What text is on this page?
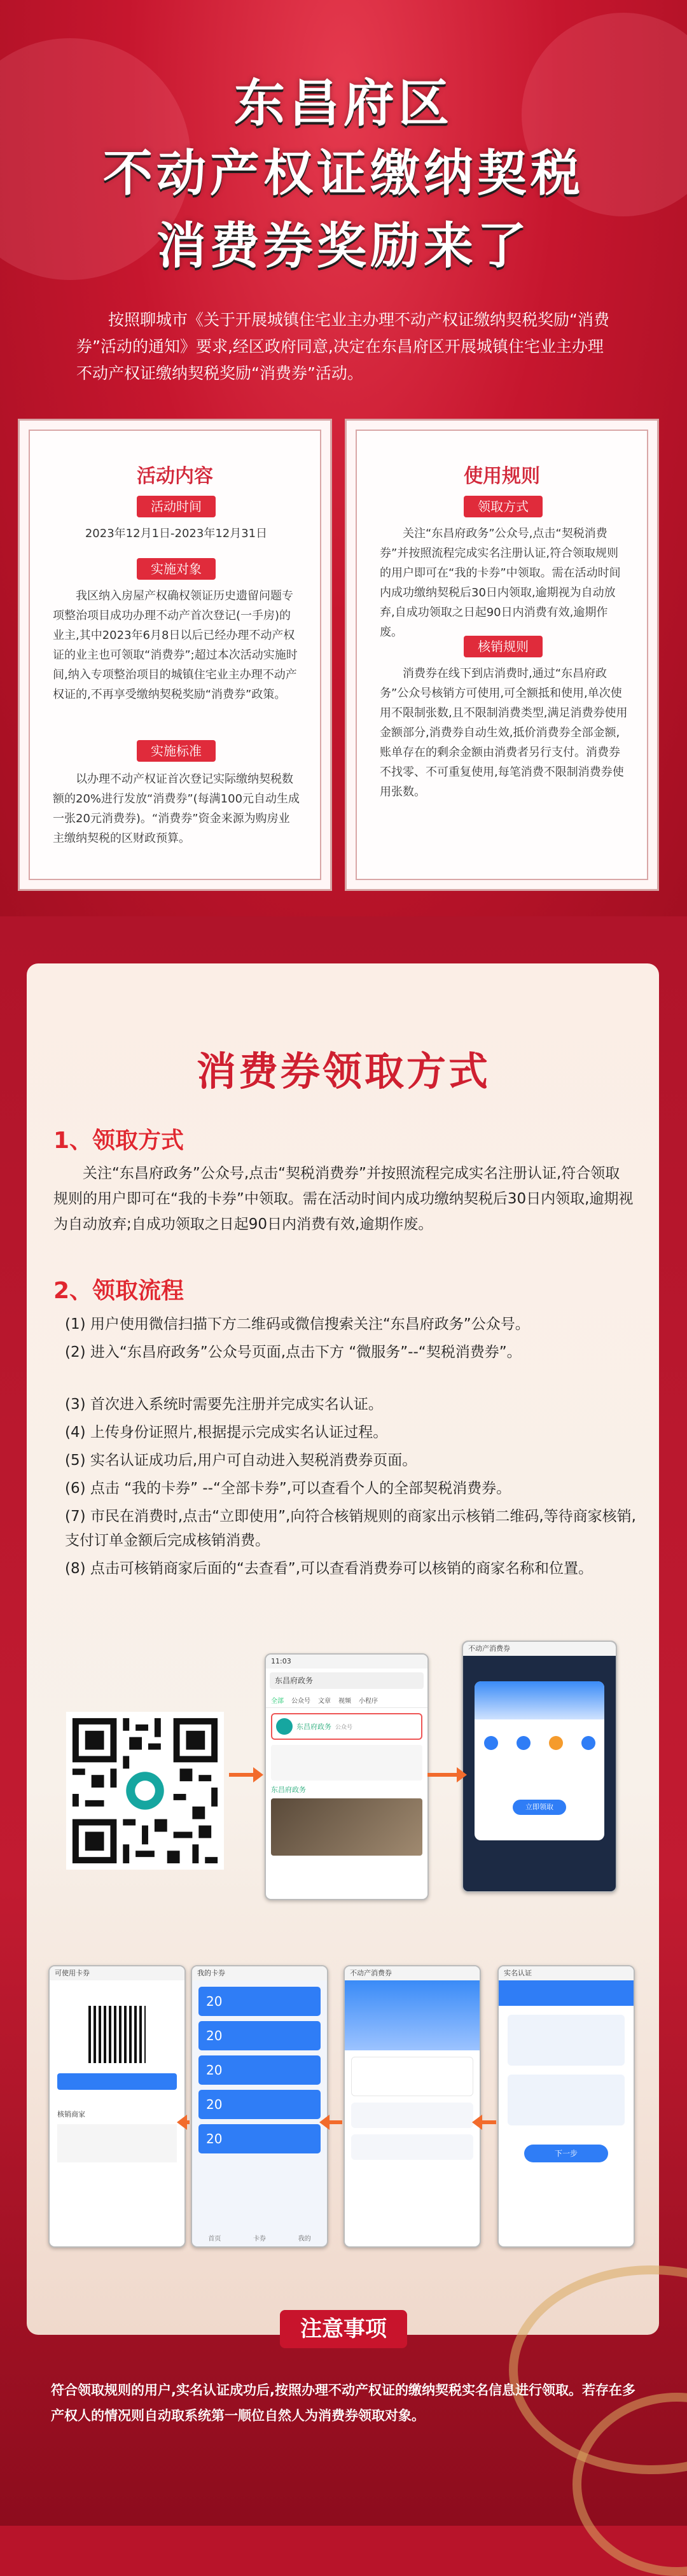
东昌府区
不动产权证缴纳契税
消费券奖励来了
按照聊城市《关于开展城镇住宅业主办理不动产权证缴纳契税奖励“消费券”活动的通知》要求,经区政府同意,决定在东昌府区开展城镇住宅业主办理不动产权证缴纳契税奖励“消费券”活动。
活动内容
活动时间
2023年12月1日-2023年12月31日
实施对象
我区纳入房屋产权确权领证历史遗留问题专项整治项目成功办理不动产首次登记(一手房)的业主,其中2023年6月8日以后已经办理不动产权证的业主也可领取“消费券”;超过本次活动实施时间,纳入专项整治项目的城镇住宅业主办理不动产权证的,不再享受缴纳契税奖励“消费券”政策。
实施标准
以办理不动产权证首次登记实际缴纳契税数额的20%进行发放“消费券”(每满100元自动生成一张20元消费券)。“消费券”资金来源为购房业主缴纳契税的区财政预算。
使用规则
领取方式
关注“东昌府政务”公众号,点击“契税消费券”并按照流程完成实名注册认证,符合领取规则的用户即可在“我的卡券”中领取。需在活动时间内成功缴纳契税后30日内领取,逾期视为自动放弃,自成功领取之日起90日内消费有效,逾期作废。
核销规则
消费券在线下到店消费时,通过“东昌府政务”公众号核销方可使用,可全额抵和使用,单次使用不限制张数,且不限制消费类型,满足消费券使用金额部分,消费券自动生效,抵价消费券全部金额,账单存在的剩余金额由消费者另行支付。消费券不找零、不可重复使用,每笔消费不限制消费券使用张数。
消费券领取方式
1、领取方式
关注“东昌府政务”公众号,点击“契税消费券”并按照流程完成实名注册认证,符合领取规则的用户即可在“我的卡券”中领取。需在活动时间内成功缴纳契税后30日内领取,逾期视为自动放弃;自成功领取之日起90日内消费有效,逾期作废。
2、领取流程
(1) 用户使用微信扫描下方二维码或微信搜索关注“东昌府政务”公众号。
(2) 进入“东昌府政务”公众号页面,点击下方 “微服务”--“契税消费券”。
(3) 首次进入系统时需要先注册并完成实名认证。
(4) 上传身份证照片,根据提示完成实名认证过程。
(5) 实名认证成功后,用户可自动进入契税消费券页面。
(6) 点击 “我的卡券” --“全部卡券”,可以查看个人的全部契税消费券。
(7) 市民在消费时,点击“立即使用”,向符合核销规则的商家出示核销二维码,等待商家核销,支付订单金额后完成核销消费。
(8) 点击可核销商家后面的“去查看”,可以查看消费券可以核销的商家名称和位置。
11:03
东昌府政务
全部 公众号 文章 视频 小程序
东昌府政务 公众号
东昌府政务
不动产消费券
立即领取
可使用卡券
核销商家
我的卡券
20
20
20
20
20
首页	卡券	我的
不动产消费券	实名认证
下一步
注意事项
符合领取规则的用户,实名认证成功后,按照办理不动产权证的缴纳契税实名信息进行领取。若存在多产权人的情况则自动取系统第一顺位自然人为消费券领取对象。
